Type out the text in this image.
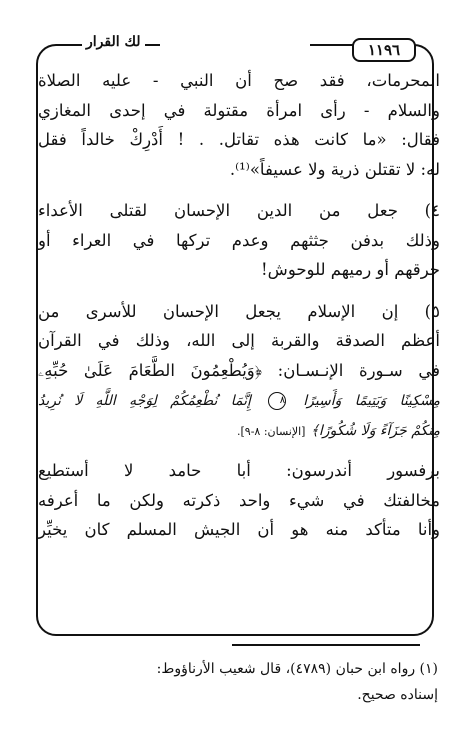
لك القرار	١١٩٦
المحرمات، فقد صح أن النبي - عليه الصلاة
والسلام - رأى امرأة مقتولة في إحدى المغازي
فقال: «ما كانت هذه تقاتل. . ! أَدْرِكْ خالداً فقل
له: لا تقتلن ذرية ولا عسيفاً»⁽¹⁾.
٤) جعل من الدين الإحسان لقتلى الأعداء
وذلك بدفن جثثهم وعدم تركها في العراء أو
حرقهم أو رميهم للوحوش!
٥) إن الإسلام يجعل الإحسان للأسرى من
أعظم الصدقة والقربة إلى الله، وذلك في القرآن
في سـورة الإنـسـان: ﴿وَيُطْعِمُونَ الطَّعَامَ عَلَىٰ حُبِّهِۦ
مِسْكِينًا وَيَتِيمًا وَأَسِيرًا ٨ إِنَّمَا نُطْعِمُكُمْ لِوَجْهِ اللَّهِ لَا نُرِيدُ
مِنكُمْ جَزَآءً وَلَا شُكُورًا﴾ [الإنسان: ٨-٩].
برفسور أندرسون: أبا حامد لا أستطيع
مخالفتك في شيء واحد ذكرته ولكن ما أعرفه
وأنا متأكد منه هو أن الجيش المسلم كان يخيِّر
(١) رواه ابن حبان (٤٧٨٩)، قال شعيب الأرناؤوط:
إسناده صحيح.
